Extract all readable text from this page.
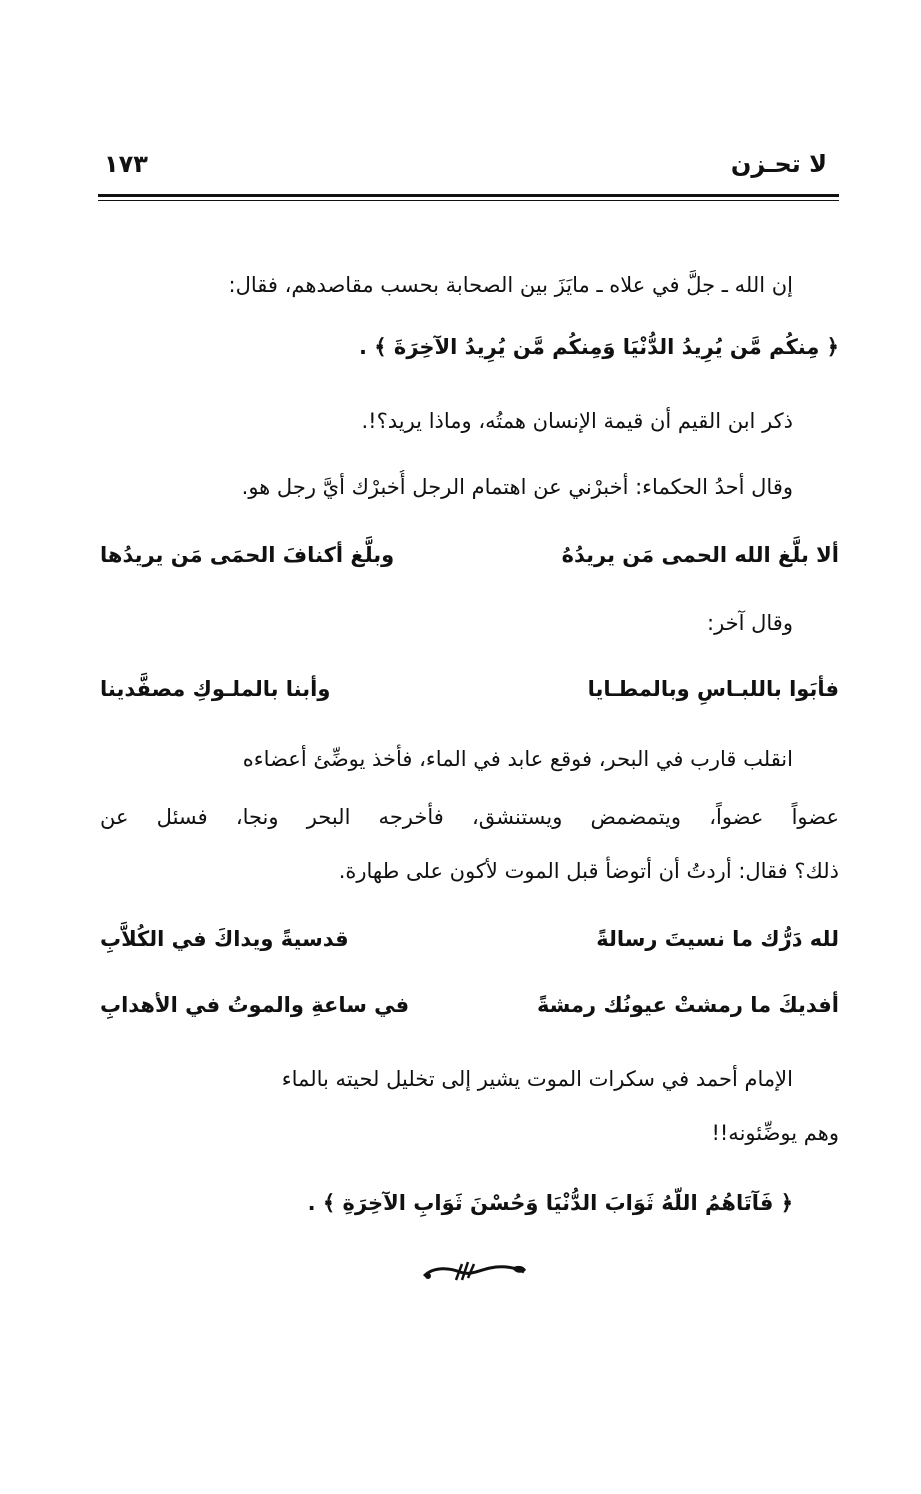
لا تحـزن
١٧٣
إن الله ـ جلَّ في علاه ـ مايَزَ بين الصحابة بحسب مقاصدهم، فقال:
﴿ مِنكُم مَّن يُرِيدُ الدُّنْيَا وَمِنكُم مَّن يُرِيدُ الآخِرَةَ ﴾ .
ذكر ابن القيم أن قيمة الإنسان همتُه، وماذا يريد؟!.
وقال أحدُ الحكماء: أخبرْني عن اهتمام الرجل أُخبرْك أيَّ رجل هو.
ألا بلَّغ الله الحمى مَن يريدُهُ
وبلَّغ أكنافَ الحمَى مَن يريدُها
وقال آخر:
فأبَوا باللبـاسِ وبالمطـايا
وأبنا بالملـوكِ مصفَّدينا
انقلب قارب في البحر، فوقع عابد في الماء، فأخذ يوضِّئ أعضاءه
عضواً عضواً، ويتمضمض ويستنشق، فأخرجه البحر ونجا، فسئل عن
ذلك؟ فقال: أردتُ أن أتوضأ قبل الموت لأكون على طهارة.
لله دَرُّك ما نسيتَ رسالةً
قدسيةً ويداكَ في الكُلاَّبِ
أفديكَ ما رمشتْ عيونُك رمشةً
في ساعةِ والموتُ في الأهدابِ
الإمام أحمد في سكرات الموت يشير إلى تخليل لحيته بالماء
وهم يوضِّئونه!!
﴿ فَآتَاهُمُ اللّهُ ثَوَابَ الدُّنْيَا وَحُسْنَ ثَوَابِ الآخِرَةِ ﴾ .
